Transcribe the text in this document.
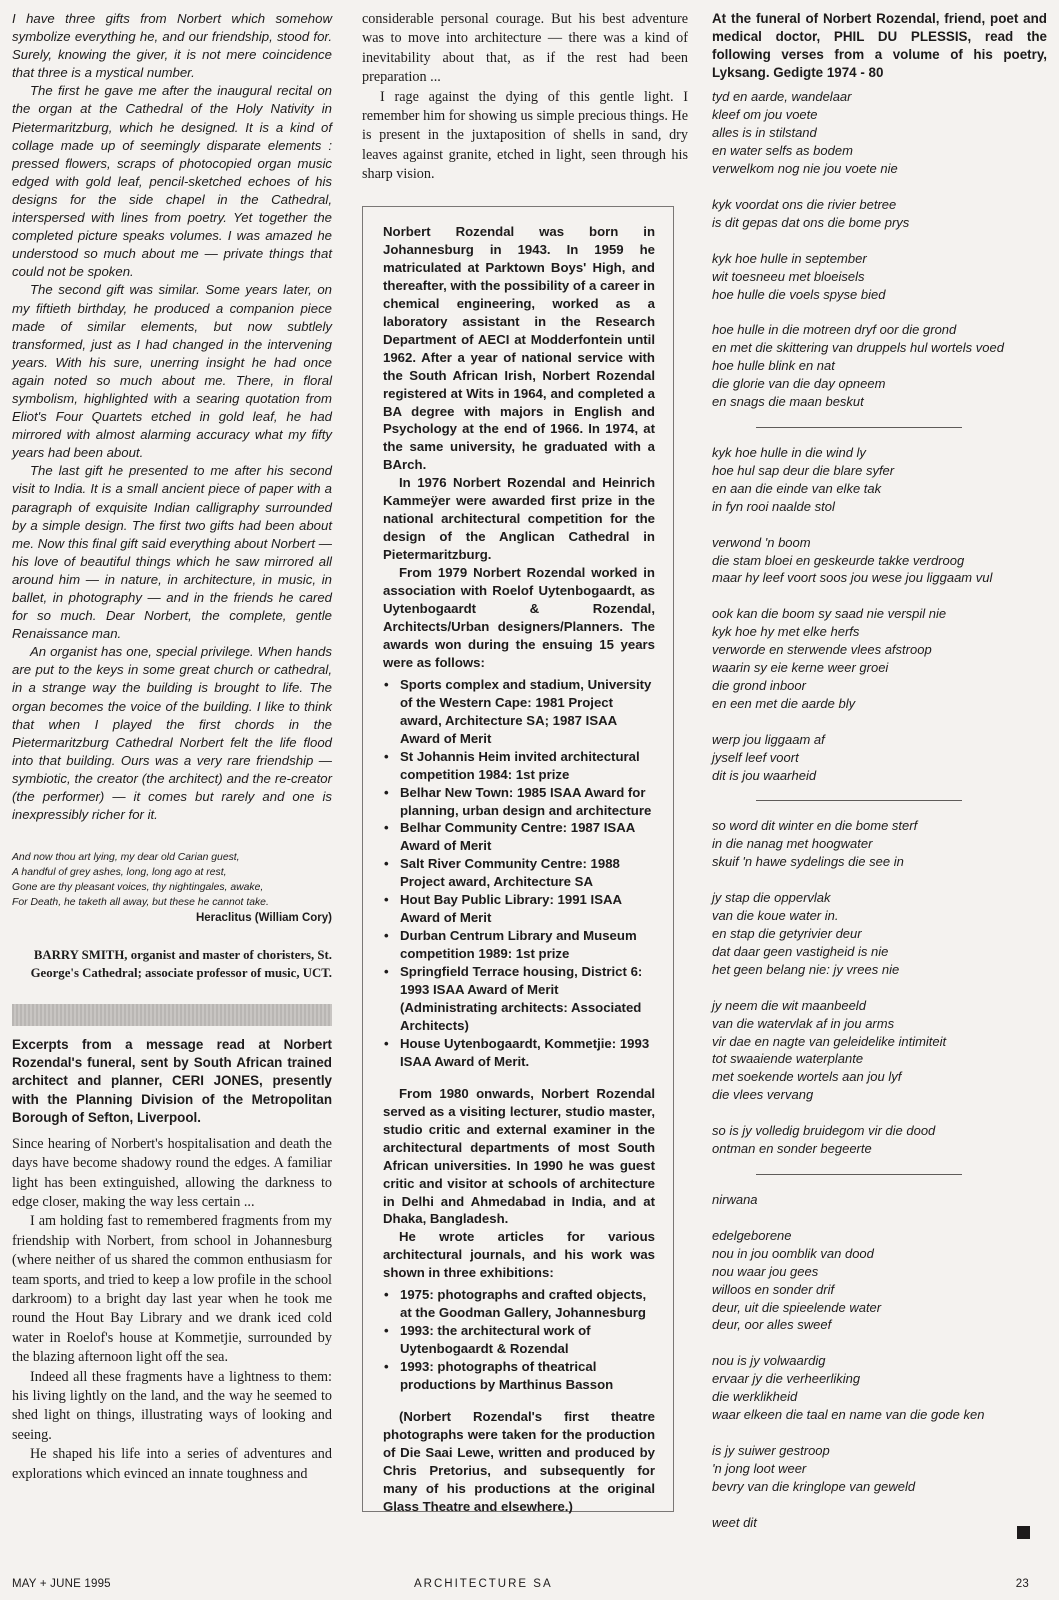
I have three gifts from Norbert which somehow symbolize everything he, and our friendship, stood for. Surely, knowing the giver, it is not mere coincidence that three is a mystical number.

The first he gave me after the inaugural recital on the organ at the Cathedral of the Holy Nativity in Pietermaritzburg, which he designed. It is a kind of collage made up of seemingly disparate elements : pressed flowers, scraps of photocopied organ music edged with gold leaf, pencil-sketched echoes of his designs for the side chapel in the Cathedral, interspersed with lines from poetry. Yet together the completed picture speaks volumes. I was amazed he understood so much about me — private things that could not be spoken.

The second gift was similar. Some years later, on my fiftieth birthday, he produced a companion piece made of similar elements, but now subtlely transformed, just as I had changed in the intervening years. With his sure, unerring insight he had once again noted so much about me. There, in floral symbolism, highlighted with a searing quotation from Eliot's Four Quartets etched in gold leaf, he had mirrored with almost alarming accuracy what my fifty years had been about.

The last gift he presented to me after his second visit to India. It is a small ancient piece of paper with a paragraph of exquisite Indian calligraphy surrounded by a simple design. The first two gifts had been about me. Now this final gift said everything about Norbert — his love of beautiful things which he saw mirrored all around him — in nature, in architecture, in music, in ballet, in photography — and in the friends he cared for so much. Dear Norbert, the complete, gentle Renaissance man.

An organist has one, special privilege. When hands are put to the keys in some great church or cathedral, in a strange way the building is brought to life. The organ becomes the voice of the building. I like to think that when I played the first chords in the Pietermaritzburg Cathedral Norbert felt the life flood into that building. Ours was a very rare friendship — symbiotic, the creator (the architect) and the re-creator (the performer) — it comes but rarely and one is inexpressibly richer for it.

And now thou art lying, my dear old Carian guest,
A handful of grey ashes, long, long ago at rest,
Gone are thy pleasant voices, thy nightingales, awake,
For Death, he taketh all away, but these he cannot take.
Heraclitus (William Cory)
BARRY SMITH, organist and master of choristers, St. George's Cathedral; associate professor of music, UCT.

Excerpts from a message read at Norbert Rozendal's funeral, sent by South African trained architect and planner, CERI JONES, presently with the Planning Division of the Metropolitan Borough of Sefton, Liverpool.

Since hearing of Norbert's hospitalisation and death the days have become shadowy round the edges. A familiar light has been extinguished, allowing the darkness to edge closer, making the way less certain ...

I am holding fast to remembered fragments from my friendship with Norbert, from school in Johannesburg (where neither of us shared the common enthusiasm for team sports, and tried to keep a low profile in the school darkroom) to a bright day last year when he took me round the Hout Bay Library and we drank iced cold water in Roelof's house at Kommetjie, surrounded by the blazing afternoon light off the sea.

Indeed all these fragments have a lightness to them: his living lightly on the land, and the way he seemed to shed light on things, illustrating ways of looking and seeing.

He shaped his life into a series of adventures and explorations which evinced an innate toughness and

considerable personal courage. But his best adventure was to move into architecture — there was a kind of inevitability about that, as if the rest had been preparation ...

I rage against the dying of this gentle light. I remember him for showing us simple precious things. He is present in the juxtaposition of shells in sand, dry leaves against granite, etched in light, seen through his sharp vision.

Norbert Rozendal was born in Johannesburg in 1943. In 1959 he matriculated at Parktown Boys' High, and thereafter, with the possibility of a career in chemical engineering, worked as a laboratory assistant in the Research Department of AECI at Modderfontein until 1962. After a year of national service with the South African Irish, Norbert Rozendal registered at Wits in 1964, and completed a BA degree with majors in English and Psychology at the end of 1966. In 1974, at the same university, he graduated with a BArch.

In 1976 Norbert Rozendal and Heinrich Kammeÿer were awarded first prize in the national architectural competition for the design of the Anglican Cathedral in Pietermaritzburg.

From 1979 Norbert Rozendal worked in association with Roelof Uytenbogaardt, as Uytenbogaardt & Rozendal, Architects/Urban designers/Planners. The awards won during the ensuing 15 years were as follows:

• Sports complex and stadium, University of the Western Cape: 1981 Project award, Architecture SA; 1987 ISAA Award of Merit
• St Johannis Heim invited architectural competition 1984: 1st prize
• Belhar New Town: 1985 ISAA Award for planning, urban design and architecture
• Belhar Community Centre: 1987 ISAA Award of Merit
• Salt River Community Centre: 1988 Project award, Architecture SA
• Hout Bay Public Library: 1991 ISAA Award of Merit
• Durban Centrum Library and Museum competition 1989: 1st prize
• Springfield Terrace housing, District 6: 1993 ISAA Award of Merit (Administrating architects: Associated Architects)
• House Uytenbogaardt, Kommetjie: 1993 ISAA Award of Merit.

From 1980 onwards, Norbert Rozendal served as a visiting lecturer, studio master, studio critic and external examiner in the architectural departments of most South African universities. In 1990 he was guest critic and visitor at schools of architecture in Delhi and Ahmedabad in India, and at Dhaka, Bangladesh.

He wrote articles for various architectural journals, and his work was shown in three exhibitions:

• 1975: photographs and crafted objects, at the Goodman Gallery, Johannesburg
• 1993: the architectural work of Uytenbogaardt & Rozendal
• 1993: photographs of theatrical productions by Marthinus Basson

(Norbert Rozendal's first theatre photographs were taken for the production of Die Saai Lewe, written and produced by Chris Pretorius, and subsequently for many of his productions at the original Glass Theatre and elsewhere.)

At the funeral of Norbert Rozendal, friend, poet and medical doctor, PHIL DU PLESSIS, read the following verses from a volume of his poetry, Lyksang. Gedigte 1974 - 80

tyd en aarde, wandelaar
kleef om jou voete
alles is in stilstand
en water selfs as bodem
verwelkom nog nie jou voete nie
kyk voordat ons die rivier betree
is dit gepas dat ons die bome prys
kyk hoe hulle in september
wit toesneeu met bloeisels
hoe hulle die voels spyse bied
hoe hulle in die motreen dryf oor die grond
en met die skittering van druppels hul wortels voed
hoe hulle blink en nat
die glorie van die day opneem
en snags die maan beskut
kyk hoe hulle in die wind ly
hoe hul sap deur die blare syfer
en aan die einde van elke tak
in fyn rooi naalde stol
verwond 'n boom
die stam bloei en geskeurde takke verdroog
maar hy leef voort soos jou wese jou liggaam vul
ook kan die boom sy saad nie verspil nie
kyk hoe hy met elke herfs
verworde en sterwende vlees afstroop
waarin sy eie kerne weer groei
die grond inboor
en een met die aarde bly
werp jou liggaam af
jyself leef voort
dit is jou waarheid
so word dit winter en die bome sterf
in die nanag met hoogwater
skuif 'n hawe sydelings die see in
jy stap die oppervlak
van die koue water in.
en stap die getyrivier deur
dat daar geen vastigheid is nie
het geen belang nie: jy vrees nie
jy neem die wit maanbeeld
van die watervlak af in jou arms
vir dae en nagte van geleidelike intimiteit
tot swaaiende waterplante
met soekende wortels aan jou lyf
die vlees vervang
so is jy volledig bruidegom vir die dood
ontman en sonder begeerte
nirwana
edelgeborene
nou in jou oomblik van dood
nou waar jou gees
willoos en sonder drif
deur, uit die spieelende water
deur, oor alles sweef
nou is jy volwaardig
ervaar jy die verheerliking
die werklikheid
waar elkeen die taal en name van die gode ken
is jy suiwer gestroop
'n jong loot weer
bevry van die kringlope van geweld
weet dit
MAY + JUNE 1995	ARCHITECTURE SA	23
